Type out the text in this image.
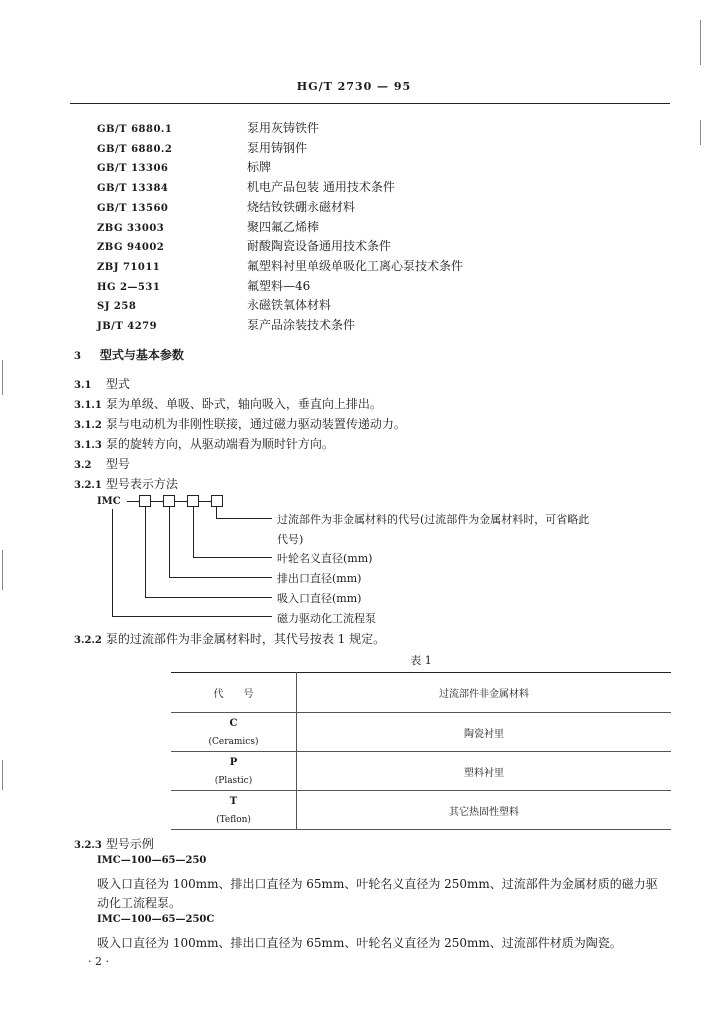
HG/T 2730 — 95
GB/T 6880.1	泵用灰铸铁件
GB/T 6880.2	泵用铸钢件
GB/T 13306	标牌
GB/T 13384	机电产品包装 通用技术条件
GB/T 13560	烧结钕铁硼永磁材料
ZBG 33003	聚四氟乙烯棒
ZBG 94002	耐酸陶瓷设备通用技术条件
ZBJ 71011	氟塑料衬里单级单吸化工离心泵技术条件
HG 2—531	氟塑料—46
SJ 258	永磁铁氧体材料
JB/T 4279	泵产品涂装技术条件
3 型式与基本参数
3.1 型式
3.1.1 泵为单级、单吸、卧式，轴向吸入，垂直向上排出。
3.1.2 泵与电动机为非刚性联接，通过磁力驱动装置传递动力。
3.1.3 泵的旋转方向，从驱动端看为顺时针方向。
3.2 型号
3.2.1 型号表示方法
IMC
过流部件为非金属材料的代号(过流部件为金属材料时，可省略此
代号)
叶轮名义直径(mm)
排出口直径(mm)
吸入口直径(mm)
磁力驱动化工流程泵
3.2.2 泵的过流部件为非金属材料时，其代号按表 1 规定。
表 1
代　　号	过流部件非金属材料

C
(Ceramics)	陶瓷衬里

P
(Plastic)	塑料衬里

T
(Teflon)	其它热固性塑料
3.2.3 型号示例
IMC—100—65—250
吸入口直径为 100mm、排出口直径为 65mm、叶轮名义直径为 250mm、过流部件为金属材质的磁力驱
动化工流程泵。
IMC—100—65—250C
吸入口直径为 100mm、排出口直径为 65mm、叶轮名义直径为 250mm、过流部件材质为陶瓷。
· 2 ·
